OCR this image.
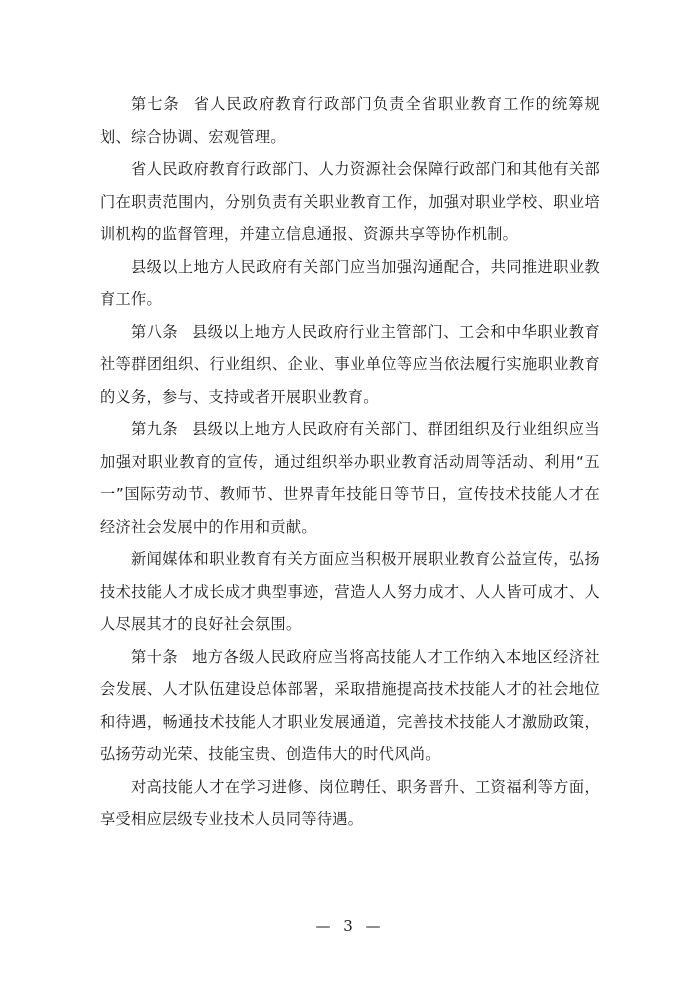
第七条 省人民政府教育行政部门负责全省职业教育工作的统筹规划、综合协调、宏观管理。

省人民政府教育行政部门、人力资源社会保障行政部门和其他有关部门在职责范围内，分别负责有关职业教育工作，加强对职业学校、职业培训机构的监督管理，并建立信息通报、资源共享等协作机制。

县级以上地方人民政府有关部门应当加强沟通配合，共同推进职业教育工作。

第八条 县级以上地方人民政府行业主管部门、工会和中华职业教育社等群团组织、行业组织、企业、事业单位等应当依法履行实施职业教育的义务，参与、支持或者开展职业教育。

第九条 县级以上地方人民政府有关部门、群团组织及行业组织应当加强对职业教育的宣传，通过组织举办职业教育活动周等活动、利用“五一”国际劳动节、教师节、世界青年技能日等节日，宣传技术技能人才在经济社会发展中的作用和贡献。

新闻媒体和职业教育有关方面应当积极开展职业教育公益宣传，弘扬技术技能人才成长成才典型事迹，营造人人努力成才、人人皆可成才、人人尽展其才的良好社会氛围。

第十条 地方各级人民政府应当将高技能人才工作纳入本地区经济社会发展、人才队伍建设总体部署，采取措施提高技术技能人才的社会地位和待遇，畅通技术技能人才职业发展通道，完善技术技能人才激励政策，弘扬劳动光荣、技能宝贵、创造伟大的时代风尚。

对高技能人才在学习进修、岗位聘任、职务晋升、工资福利等方面，享受相应层级专业技术人员同等待遇。

— 3 —
